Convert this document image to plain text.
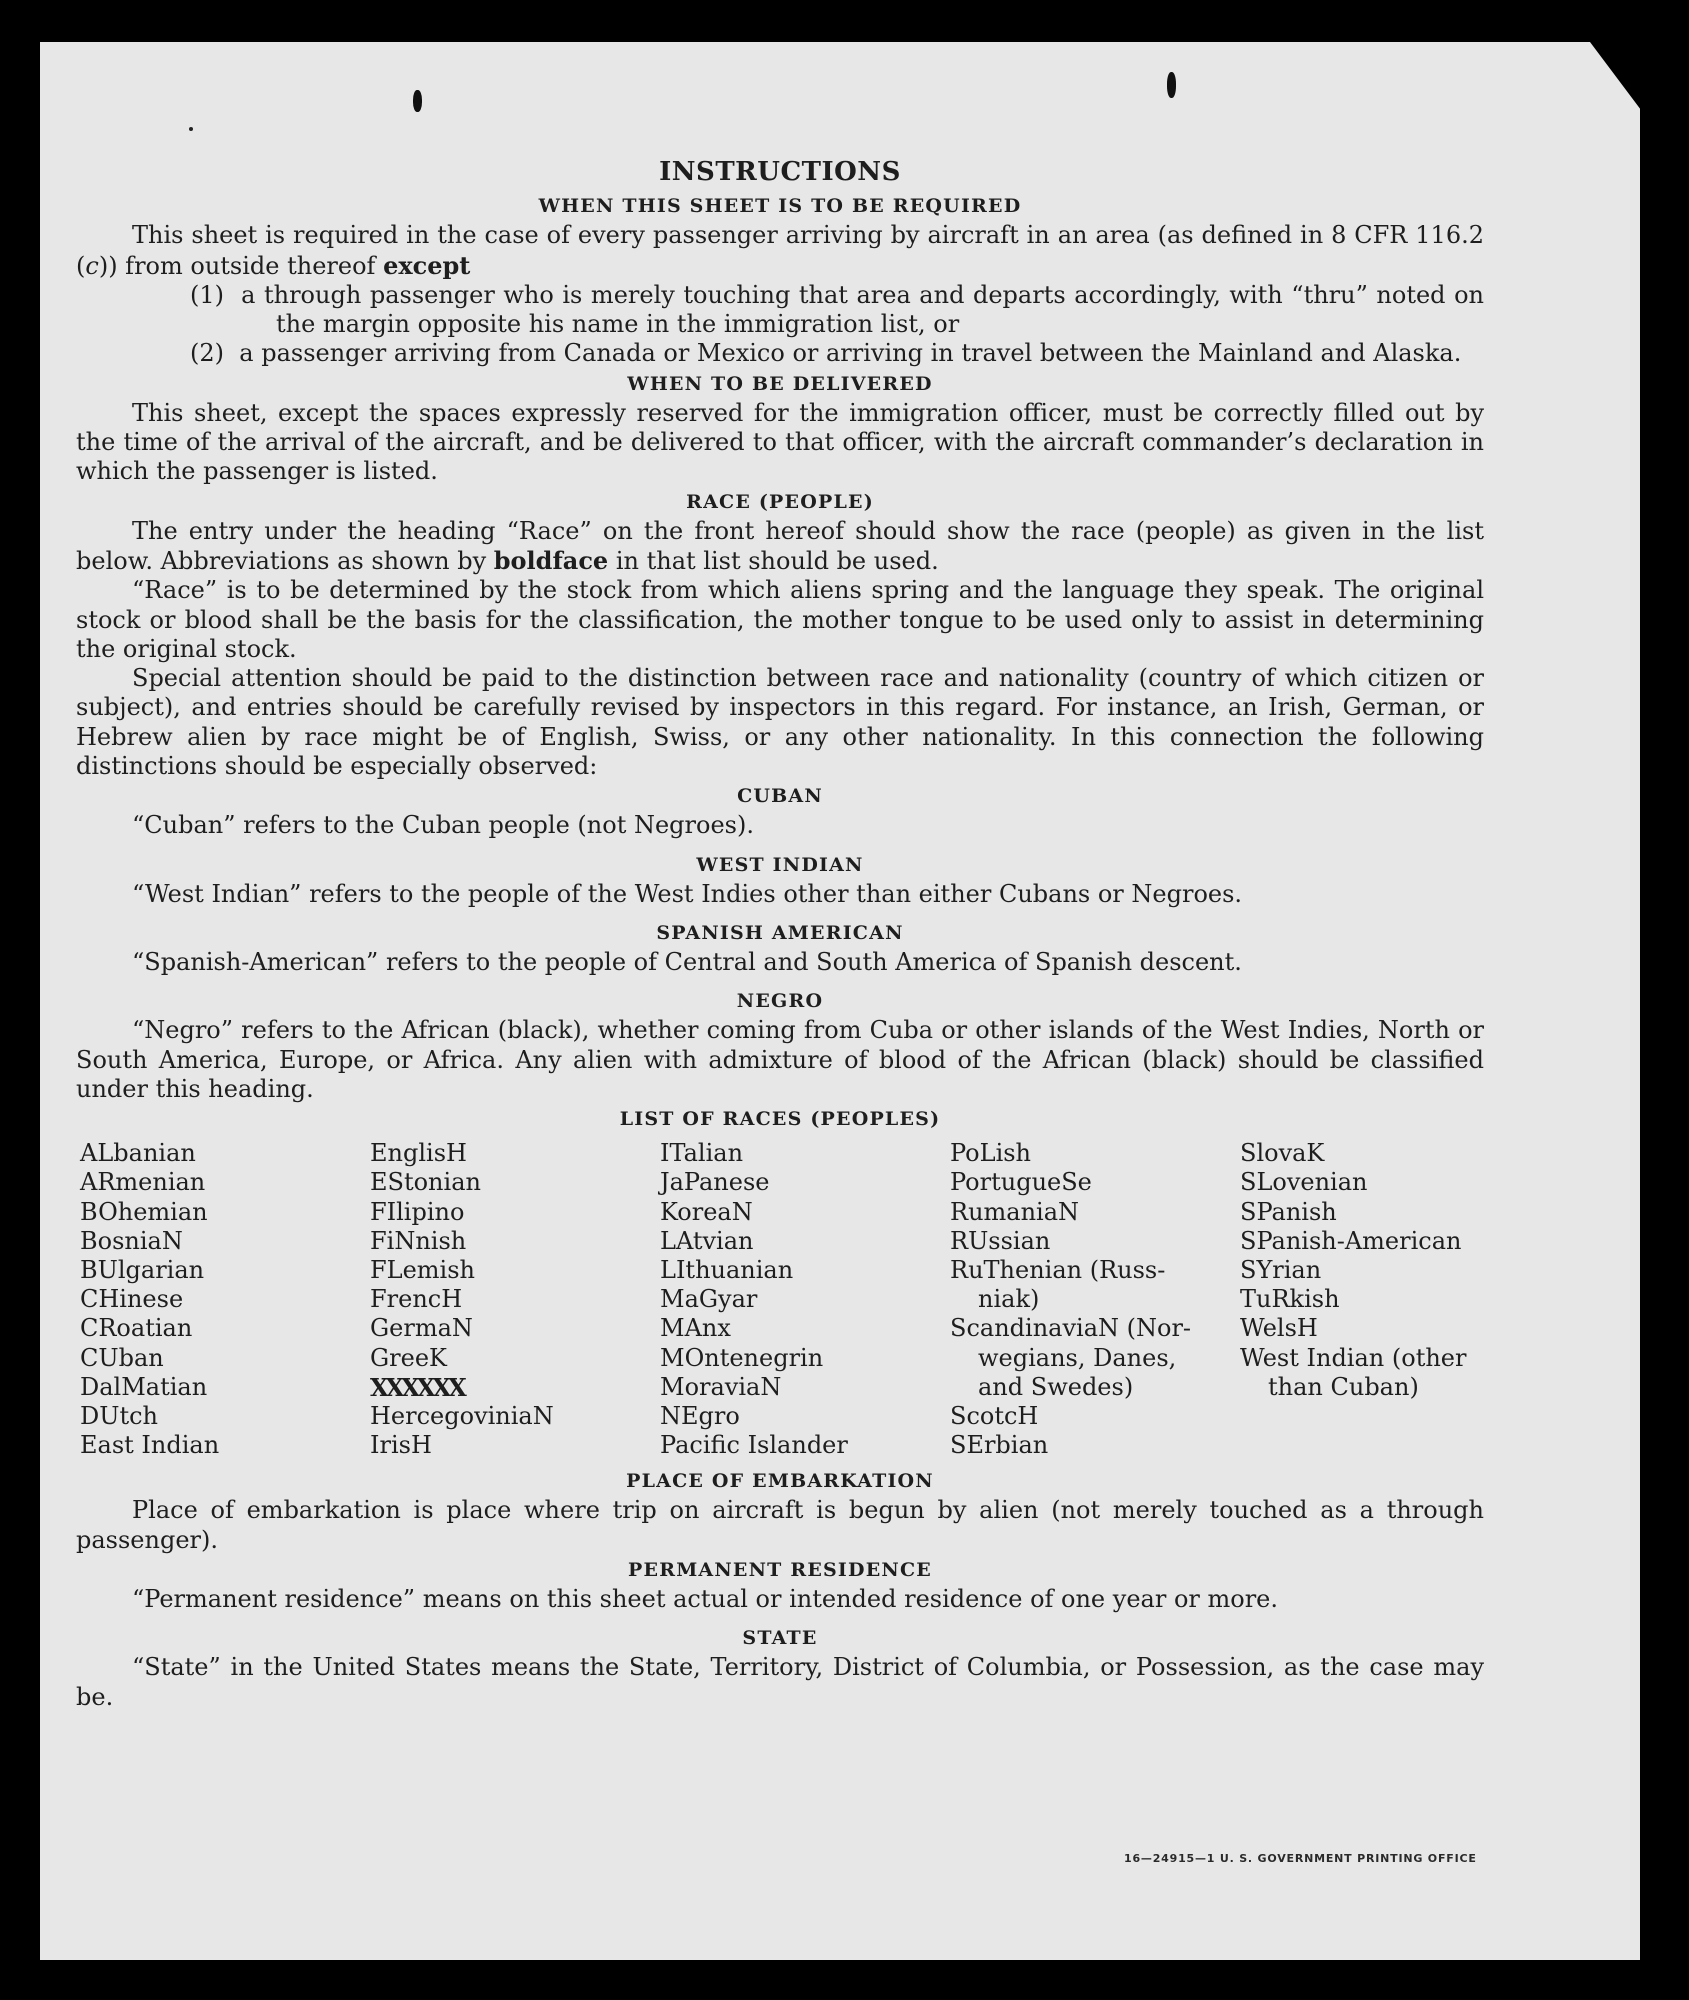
INSTRUCTIONS
WHEN THIS SHEET IS TO BE REQUIRED

This sheet is required in the case of every passenger arriving by aircraft in an area (as defined in 8 CFR 116.2 (c)) from outside thereof except

(1) a through passenger who is merely touching that area and departs accordingly, with “thru” noted on the margin opposite his name in the immigration list, or
(2) a passenger arriving from Canada or Mexico or arriving in travel between the Mainland and Alaska.
WHEN TO BE DELIVERED

This sheet, except the spaces expressly reserved for the immigration officer, must be correctly filled out by the time of the arrival of the aircraft, and be delivered to that officer, with the aircraft commander’s declaration in which the passenger is listed.

RACE (PEOPLE)

The entry under the heading “Race” on the front hereof should show the race (people) as given in the list below. Abbreviations as shown by boldface in that list should be used.

“Race” is to be determined by the stock from which aliens spring and the language they speak. The original stock or blood shall be the basis for the classification, the mother tongue to be used only to assist in determining the original stock.

Special attention should be paid to the distinction between race and nationality (country of which citizen or subject), and entries should be carefully revised by inspectors in this regard. For instance, an Irish, German, or Hebrew alien by race might be of English, Swiss, or any other nationality. In this connection the following distinctions should be especially observed:

CUBAN

“Cuban” refers to the Cuban people (not Negroes).

WEST INDIAN

“West Indian” refers to the people of the West Indies other than either Cubans or Negroes.

SPANISH AMERICAN

“Spanish-American” refers to the people of Central and South America of Spanish descent.

NEGRO

“Negro” refers to the African (black), whether coming from Cuba or other islands of the West Indies, North or South America, Europe, or Africa. Any alien with admixture of blood of the African (black) should be classified under this heading.

LIST OF RACES (PEOPLES)
ALbanian
ARmenian
BOhemian
BosniaN
BUlgarian
CHinese
CRoatian
CUban
DalMatian
DUtch
East Indian
EnglisH
EStonian
FIlipino
FiNnish
FLemish
FrencH
GermaN
GreeK
XXXXXX
HercegoviniaN
IrisH
ITalian
JaPanese
KoreaN
LAtvian
LIthuanian
MaGyar
MAnx
MOntenegrin
MoraviaN
NEgro
Pacific Islander
PoLish
PortugueSe
RumaniaN
RUssian
RuThenian (Russ-
niak)
ScandinaviaN (Nor-
wegians, Danes,
and Swedes)
ScotcH
SErbian
SlovaK
SLovenian
SPanish
SPanish-American
SYrian
TuRkish
WelsH
West Indian (other
than Cuban)
PLACE OF EMBARKATION

Place of embarkation is place where trip on aircraft is begun by alien (not merely touched as a through passenger).

PERMANENT RESIDENCE

“Permanent residence” means on this sheet actual or intended residence of one year or more.

STATE

“State” in the United States means the State, Territory, District of Columbia, or Possession, as the case may be.

16—24915—1 U. S. GOVERNMENT PRINTING OFFICE
